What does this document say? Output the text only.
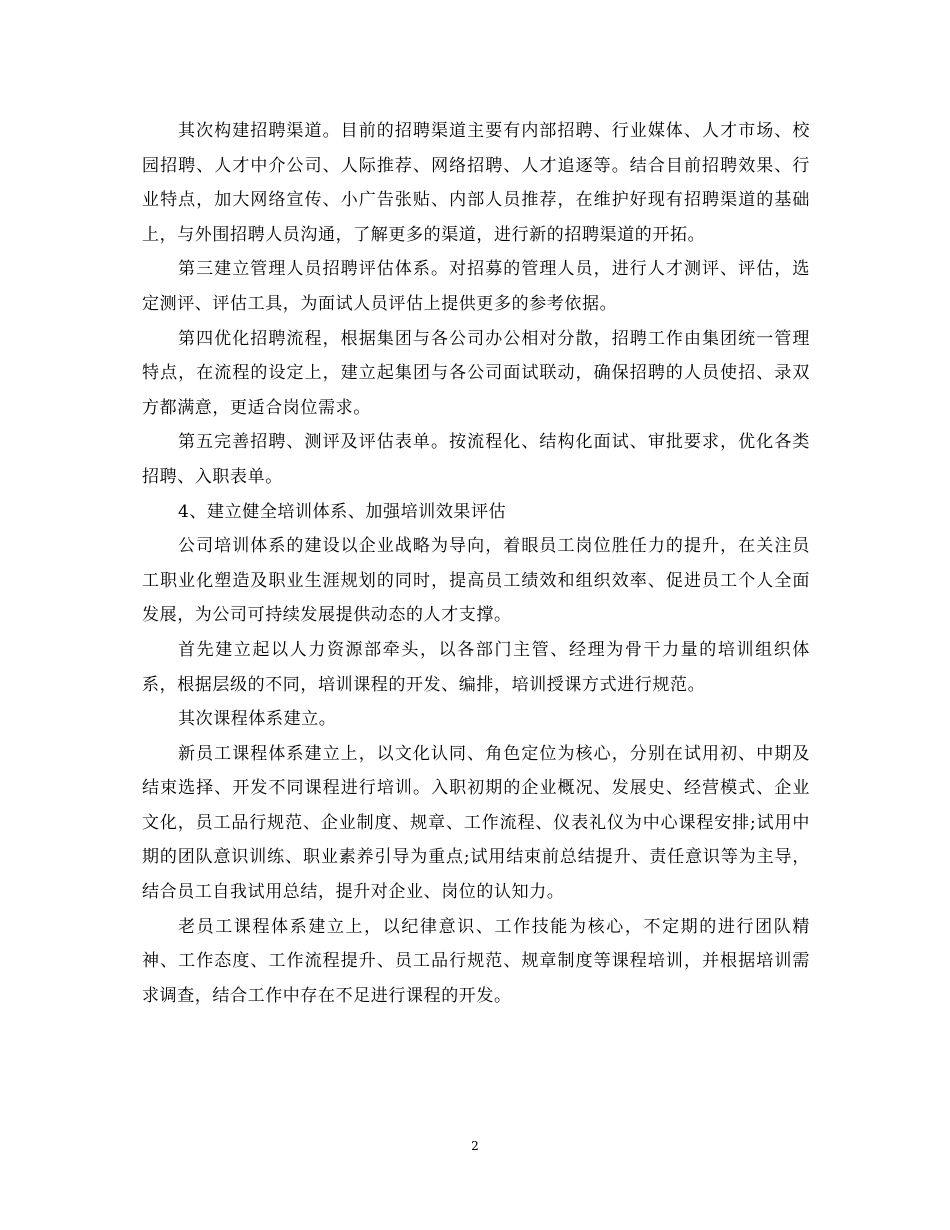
其次构建招聘渠道。目前的招聘渠道主要有内部招聘、行业媒体、人才市场、校园招聘、人才中介公司、人际推荐、网络招聘、人才追逐等。结合目前招聘效果、行业特点，加大网络宣传、小广告张贴、内部人员推荐，在维护好现有招聘渠道的基础上，与外围招聘人员沟通，了解更多的渠道，进行新的招聘渠道的开拓。

第三建立管理人员招聘评估体系。对招募的管理人员，进行人才测评、评估，选定测评、评估工具，为面试人员评估上提供更多的参考依据。

第四优化招聘流程，根据集团与各公司办公相对分散，招聘工作由集团统一管理特点，在流程的设定上，建立起集团与各公司面试联动，确保招聘的人员使招、录双方都满意，更适合岗位需求。

第五完善招聘、测评及评估表单。按流程化、结构化面试、审批要求，优化各类招聘、入职表单。

4、建立健全培训体系、加强培训效果评估

公司培训体系的建设以企业战略为导向，着眼员工岗位胜任力的提升，在关注员工职业化塑造及职业生涯规划的同时，提高员工绩效和组织效率、促进员工个人全面发展，为公司可持续发展提供动态的人才支撑。

首先建立起以人力资源部牵头，以各部门主管、经理为骨干力量的培训组织体系，根据层级的不同，培训课程的开发、编排，培训授课方式进行规范。

其次课程体系建立。

新员工课程体系建立上，以文化认同、角色定位为核心，分别在试用初、中期及结束选择、开发不同课程进行培训。入职初期的企业概况、发展史、经营模式、企业文化，员工品行规范、企业制度、规章、工作流程、仪表礼仪为中心课程安排;试用中期的团队意识训练、职业素养引导为重点;试用结束前总结提升、责任意识等为主导，结合员工自我试用总结，提升对企业、岗位的认知力。

老员工课程体系建立上，以纪律意识、工作技能为核心，不定期的进行团队精神、工作态度、工作流程提升、员工品行规范、规章制度等课程培训，并根据培训需求调查，结合工作中存在不足进行课程的开发。

2
